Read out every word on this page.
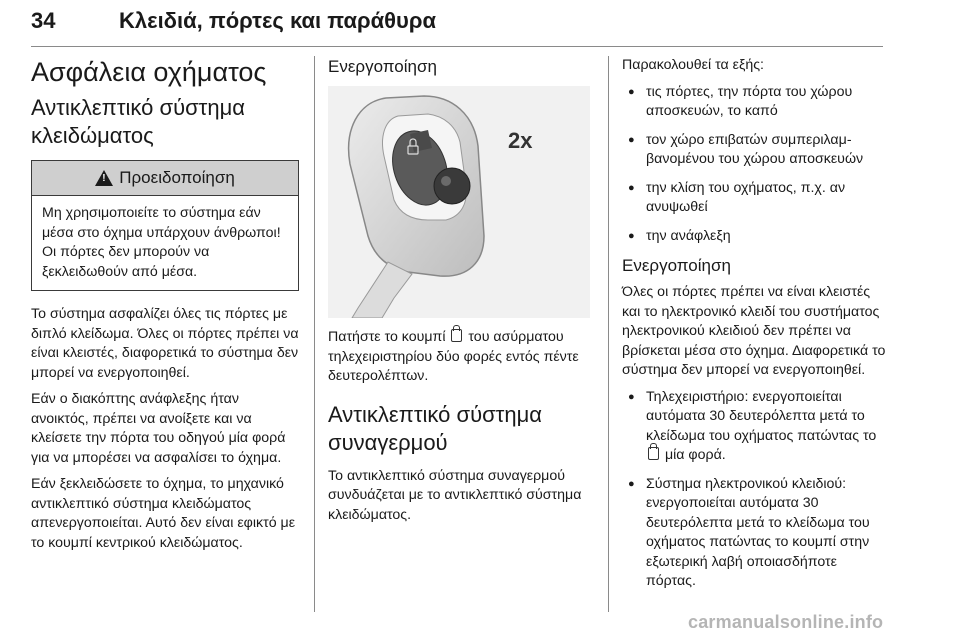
34	Κλειδιά, πόρτες και παράθυρα
Ασφάλεια οχήματος
Αντικλεπτικό σύστημα κλειδώματος
! Προειδοποίηση
Μη χρησιμοποιείτε το σύστημα εάν μέσα στο όχημα υπάρχουν άνθρωποι! Οι πόρτες δεν μπορούν να ξεκλειδωθούν από μέσα.

Το σύστημα ασφαλίζει όλες τις πόρτες με διπλό κλείδωμα. Όλες οι πόρτες πρέπει να είναι κλειστές, διαφορετικά το σύστημα δεν μπορεί να ενεργοποιηθεί.

Εάν ο διακόπτης ανάφλεξης ήταν ανοικτός, πρέπει να ανοίξετε και να κλείσετε την πόρτα του οδηγού μία φορά για να μπορέσει να ασφαλίσει το όχημα.

Εάν ξεκλειδώσετε το όχημα, το μηχανικό αντικλεπτικό σύστημα κλειδώματος απενεργοποιείται. Αυτό δεν είναι εφικτό με το κουμπί κεντρικού κλειδώματος.

Ενεργοποίηση
2x

Πατήστε το κουμπί του ασύρματου τηλεχειριστηρίου δύο φορές εντός πέντε δευτερολέπτων.

Αντικλεπτικό σύστημα συναγερμού

Το αντικλεπτικό σύστημα συναγερμού συνδυάζεται με το αντικλεπτικό σύστημα κλειδώματος.

Παρακολουθεί τα εξής:

● τις πόρτες, την πόρτα του χώρου αποσκευών, το καπό
● τον χώρο επιβατών συμπεριλαμβανομένου του χώρου αποσκευών
● την κλίση του οχήματος, π.χ. αν ανυψωθεί
● την ανάφλεξη
Ενεργοποίηση

Όλες οι πόρτες πρέπει να είναι κλειστές και το ηλεκτρονικό κλειδί του συστήματος ηλεκτρονικού κλειδιού δεν πρέπει να βρίσκεται μέσα στο όχημα. Διαφορετικά το σύστημα δεν μπορεί να ενεργοποιηθεί.

● Τηλεχειριστήριο: ενεργοποιείται αυτόματα 30 δευτερόλεπτα μετά το κλείδωμα του οχήματος πατώντας το  μία φορά.
● Σύστημα ηλεκτρονικού κλειδιού: ενεργοποιείται αυτόματα 30 δευτερόλεπτα μετά το κλείδωμα του οχήματος πατώντας το κουμπί στην εξωτερική λαβή οποιασδήποτε πόρτας.
carmanualsonline.info
